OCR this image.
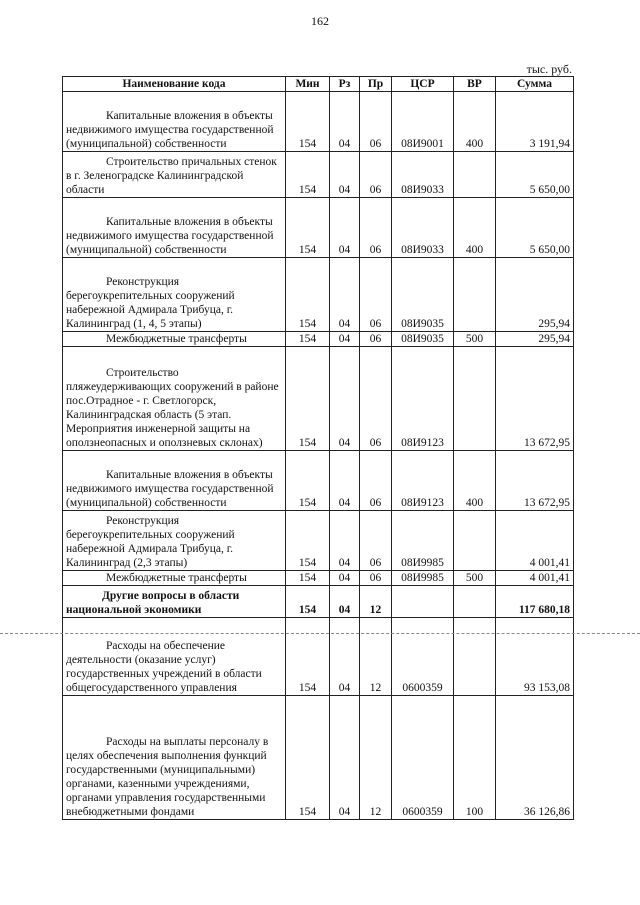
162
тыс. руб.
Наименование кода	Мин	Рз	Пр	ЦСР	ВР	Сумма
Капитальные вложения в объекты недвижимого имущества государственной (муниципальной) собственности	154	04	06	08И9001	400	3 191,94
Строительство причальных стенок в г. Зеленоградске Калининградской области	154	04	06	08И9033		5 650,00
Капитальные вложения в объекты недвижимого имущества государственной (муниципальной) собственности	154	04	06	08И9033	400	5 650,00
Реконструкция берегоукрепительных сооружений набережной Адмирала Трибуца, г. Калининград (1, 4, 5 этапы)	154	04	06	08И9035		295,94
Межбюджетные трансферты	154	04	06	08И9035	500	295,94
Строительство пляжеудерживающих сооружений в районе пос.Отрадное - г. Светлогорск, Калининградская область (5 этап. Мероприятия инженерной защиты на оползнеопасных и оползневых склонах)	154	04	06	08И9123		13 672,95
Капитальные вложения в объекты недвижимого имущества государственной (муниципальной) собственности	154	04	06	08И9123	400	13 672,95
Реконструкция берегоукрепительных сооружений набережной Адмирала Трибуца, г. Калининград (2,3 этапы)	154	04	06	08И9985		4 001,41
Межбюджетные трансферты	154	04	06	08И9985	500	4 001,41
Другие вопросы в области национальной экономики	154	04	12			117 680,18
Расходы на обеспечение деятельности (оказание услуг) государственных учреждений в области общегосударственного управления	154	04	12	0600359		93 153,08
Расходы на выплаты персоналу в целях обеспечения выполнения функций государственными (муниципальными) органами, казенными учреждениями, органами управления государственными внебюджетными фондами	154	04	12	0600359	100	36 126,86
